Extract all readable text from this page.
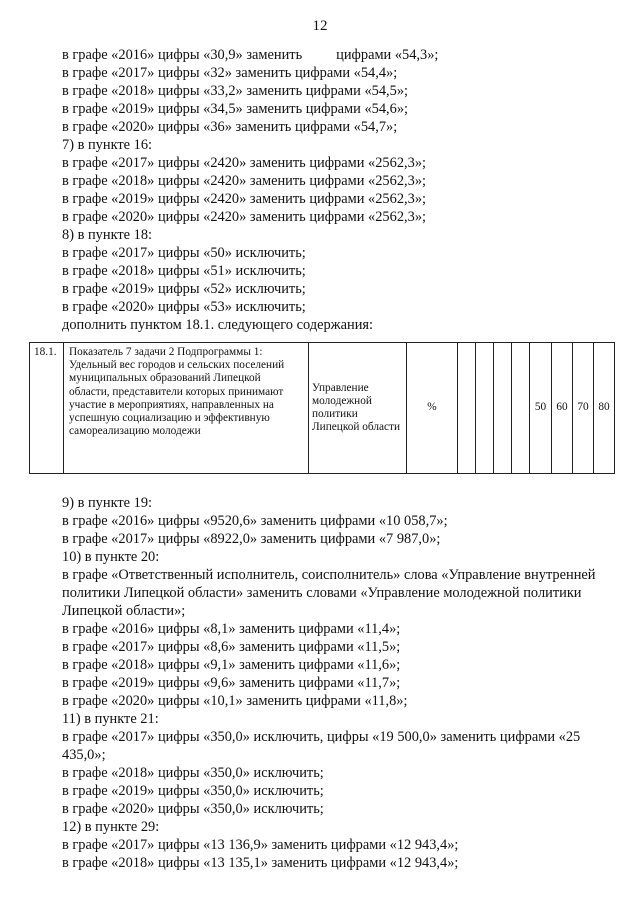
12
в графе «2016» цифры «30,9» заменить цифрами «54,3»;
в графе «2017» цифры «32» заменить цифрами «54,4»;
в графе «2018» цифры «33,2» заменить цифрами «54,5»;
в графе «2019» цифры «34,5» заменить цифрами «54,6»;
в графе «2020» цифры «36» заменить цифрами «54,7»;
7) в пункте 16:
в графе «2017» цифры «2420» заменить цифрами «2562,3»;
в графе «2018» цифры «2420» заменить цифрами «2562,3»;
в графе «2019» цифры «2420» заменить цифрами «2562,3»;
в графе «2020» цифры «2420» заменить цифрами «2562,3»;
8) в пункте 18:
в графе «2017» цифры «50» исключить;
в графе «2018» цифры «51» исключить;
в графе «2019» цифры «52» исключить;
в графе «2020» цифры «53» исключить;
дополнить пунктом 18.1. следующего содержания:
18.1.	Показатель 7 задачи 2 Подпрограммы 1: Удельный вес городов и сельских поселений муниципальных образований Липецкой области, представители которых принимают участие в мероприятиях, направленных на успешную социализацию и эффективную самореализацию молодежи	Управление молодежной политики Липецкой области	%					50	60	70	80
9) в пункте 19:
в графе «2016» цифры «9520,6» заменить цифрами «10 058,7»;
в графе «2017» цифры «8922,0» заменить цифрами «7 987,0»;
10) в пункте 20:
в графе «Ответственный исполнитель, соисполнитель» слова «Управление внутренней политики Липецкой области» заменить словами «Управление молодежной политики Липецкой области»;
в графе «2016» цифры «8,1» заменить цифрами «11,4»;
в графе «2017» цифры «8,6» заменить цифрами «11,5»;
в графе «2018» цифры «9,1» заменить цифрами «11,6»;
в графе «2019» цифры «9,6» заменить цифрами «11,7»;
в графе «2020» цифры «10,1» заменить цифрами «11,8»;
11) в пункте 21:
в графе «2017» цифры «350,0» исключить, цифры «19 500,0» заменить цифрами «25 435,0»;
в графе «2018» цифры «350,0» исключить;
в графе «2019» цифры «350,0» исключить;
в графе «2020» цифры «350,0» исключить;
12) в пункте 29:
в графе «2017» цифры «13 136,9» заменить цифрами «12 943,4»;
в графе «2018» цифры «13 135,1» заменить цифрами «12 943,4»;
